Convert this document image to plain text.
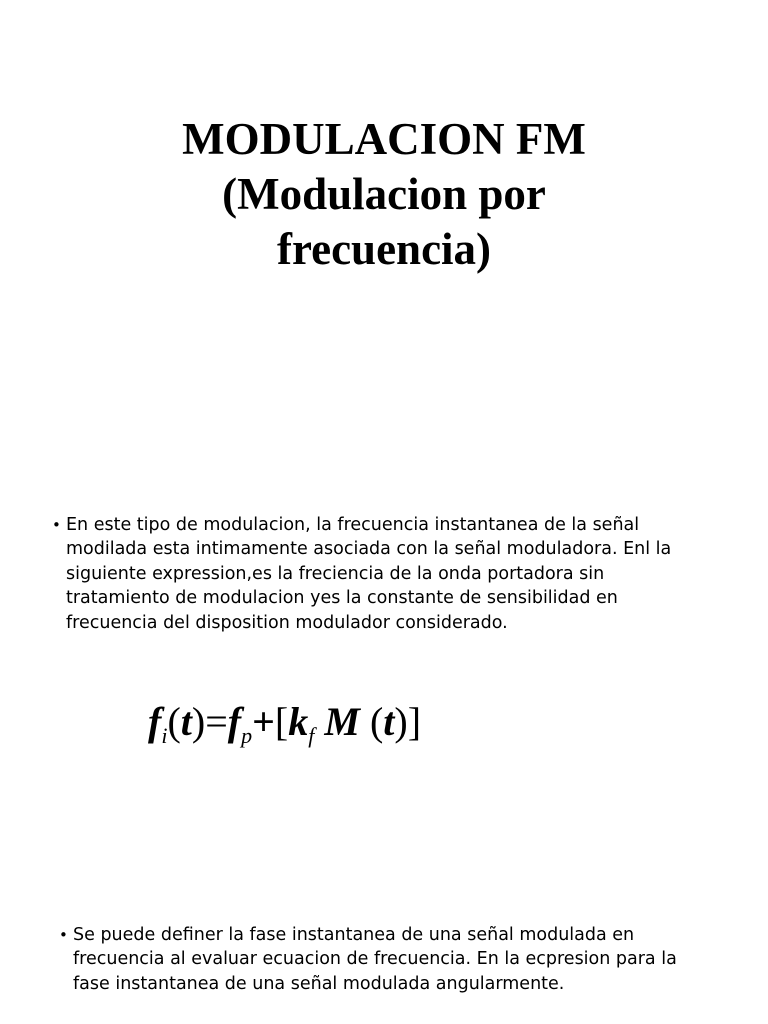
MODULACION FM
(Modulacion por
frecuencia)
• En este tipo de modulacion, la frecuencia instantanea de la señal
modilada esta intimamente asociada con la señal moduladora. Enl la
siguiente expression,es la freciencia de la onda portadora sin
tratamiento de modulacion yes la constante de sensibilidad en
frecuencia del disposition modulador considerado.
$f_i(t)=f_p+[k_f$ M (t)]
• Se puede definer la fase instantanea de una señal modulada en
frecuencia al evaluar ecuacion de frecuencia. En la ecpresion para la
fase instantanea de una señal modulada angularmente.
